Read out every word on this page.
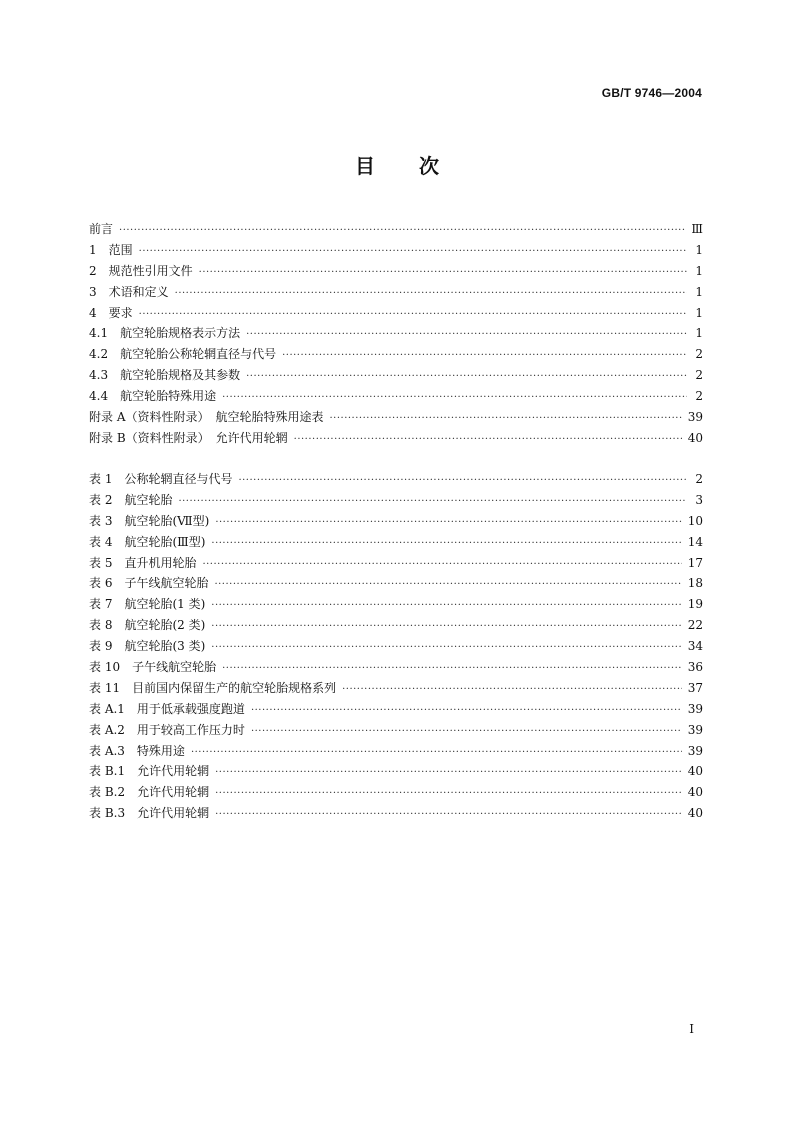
GB/T 9746—2004
目 次
前言 ·····	Ⅲ
1　范围 ·····	1
2　规范性引用文件 ·····	1
3　术语和定义 ·····	1
4　要求 ·····	1
4.1　航空轮胎规格表示方法 ·····	1
4.2　航空轮胎公称轮辋直径与代号 ·····	2
4.3　航空轮胎规格及其参数 ·····	2
4.4　航空轮胎特殊用途 ·····	2
附录 A（资料性附录）　航空轮胎特殊用途表 ·····	39
附录 B（资料性附录）　允许代用轮辋 ·····	40
表 1　公称轮辋直径与代号 ·····	2
表 2　航空轮胎 ·····	3
表 3　航空轮胎(Ⅶ型) ·····	10
表 4　航空轮胎(Ⅲ型) ·····	14
表 5　直升机用轮胎 ·····	17
表 6　子午线航空轮胎 ·····	18
表 7　航空轮胎(1 类) ·····	19
表 8　航空轮胎(2 类) ·····	22
表 9　航空轮胎(3 类) ·····	34
表 10　子午线航空轮胎 ·····	36
表 11　目前国内保留生产的航空轮胎规格系列 ·····	37
表 A.1　用于低承载强度跑道 ·····	39
表 A.2　用于较高工作压力时 ·····	39
表 A.3　特殊用途 ·····	39
表 B.1　允许代用轮辋 ·····	40
表 B.2　允许代用轮辋 ·····	40
表 B.3　允许代用轮辋 ·····	40
I
